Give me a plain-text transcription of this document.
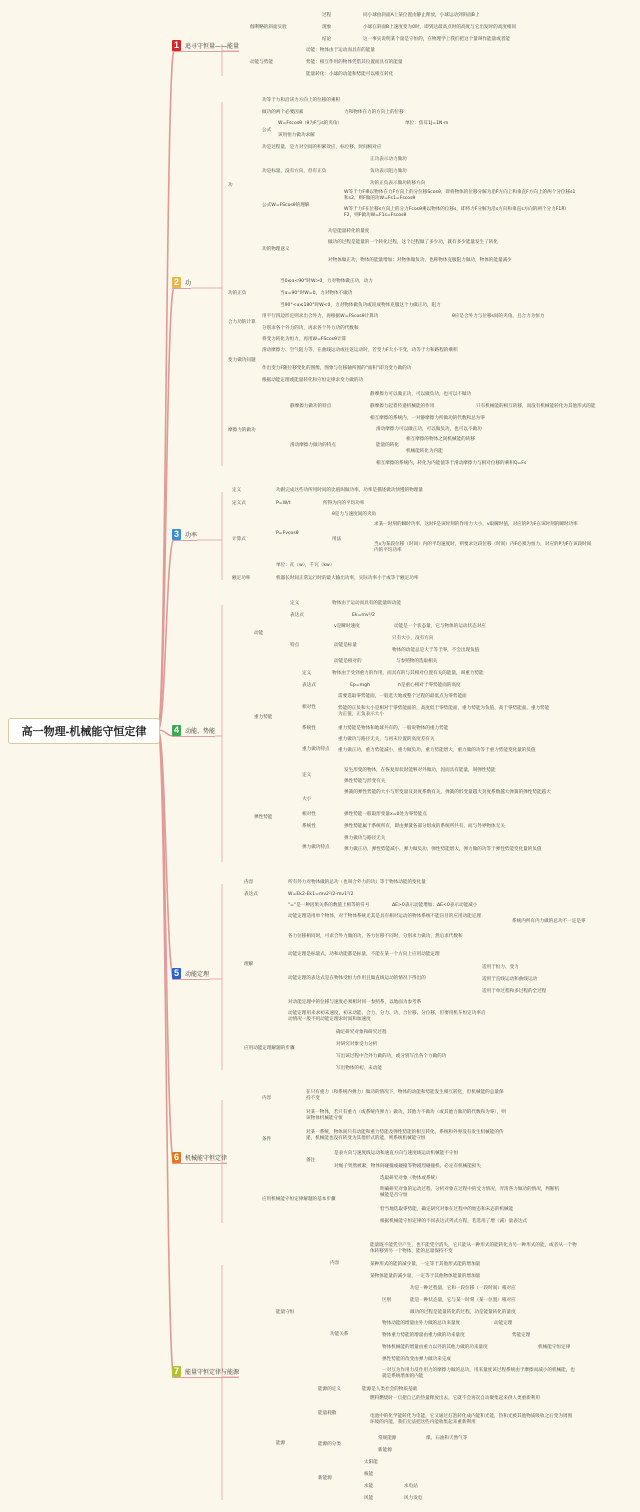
高一物理-机械能守恒定律
1	追寻守恒量——能量
2	功
3	功率
4	动能、势能
5	动能定理
6	机械能守恒定律
7	能量守恒定律与能源
伽利略的斜面实验
过程	同小球由斜面A上某位置由静止释放，小球运动到斜面B上
现象	小球在斜面B上速度变为0时，即到达最高点时的高度与它出发时的高度相同
结论	这一事实说明某个量是守恒的，在物理学上我们把这个量叫作能量或者能
动能与势能
动能：物体由于运动而具有的能量
势能：相互作用的物体凭借其位置而具有的能量
能量转化：小球的动能和势能可以相互转化
功
功等于力和沿该力方向上的位移的乘积
做功的两个必要因素	力和物体在力的方向上的位移
公式
W=Fscosθ（θ为F与s的夹角）	单位：焦耳1J=1N·m
该用恒力做功求解
功是过程量，是力对空间的积累效应，标位移、时间相对应
功是标量，没有方向，但有正负
正功表示动力做功
负功表示阻力做功
功的正负表示做功转移方向
公式W=FScosθ的理解
W等于力F乘以物体在力F方向上的分位移Scosθ，即将物体的位移分解为沿F方向上和垂直F方向上的两个分位移s1和s2，则F做的功W=Fs1=Fscosθ
W等于力F在位移s方向上的分力Fcosθ乘以物体的位移s，即将力F分解为沿s方向和垂直s方向的两个分力F1和F2，则F做功W=F1s=Fscosθ
功的物理意义
功是能量转化的量度
做功的过程是能量的一个转化过程，这个过程做了多少功，就有多少能量发生了转化
对物体做正功，物体的能量增加；对物体做负功，也称物体克服阻力做功，物体的能量减少
功的正负
当0≤α<90°时W>0，力对物体做正功，动力
当α=90°时W=0，力对物体不做功
当90°<α≤180°时W<0，力对物体做负功或说成物体克服这个力做正功，阻力
合力功的计算
用平行四边形定则求出合外力，再根据W=FScosθ计算功	θ应是合外力与位移s间的夹角，且合力为恒力
分别求各个外力的功，再求各个外力功的代数和
变力做功问题
将变力转化为恒力，再用W=FScosθ计算
滑动摩擦力、空气阻力等，在曲线运动或往返运动时，若变力F大小不变，功等于力和路程的乘积
作出变力F随位移变化的图像，图象与位移轴所围的"面积"即为变力做的功
根据动能定理或能量转化和守恒定律求变力做的功
摩擦力的做功
静摩擦力做功的特点
静摩擦力可以做正功，可以做负功，也可以不做功
静摩擦力起着传递机械能的作用	只有机械能的相互转移，而没有机械能转化为其他形式的能
相互摩擦的系统内，一对静摩擦力所做功的代数和总为零
滑动摩擦力做功的特点
滑动摩擦力可以做正功，可以做负功，也可以不做功
能量的转化
相互摩擦的物体之间机械能的转移
机械能转化为内能
相互摩擦的系统内，转化为内能值等于滑动摩擦力与相对位移的乘积Q=Fs
定义	功跟完成这些功所用时间的比值叫做功率，功率是描述做功快慢的物理量
定义式	P=W/t	所得为内的平均功率
计算式
P=Fvcosθ
θ是力与速度间的夹角
用法
求某一时刻的瞬时功率，这时F是该时刻的作用力大小，v取瞬时值，对应的P为F在该时刻的瞬时功率
当v为某段位移（时间）内的平均速度时，则要求这段位移（时间）内F必须为恒力，对应的P为F在该段时间内的平均功率
单位：瓦（w），千瓦（kw）
额定功率	机器长时间正常运行时的最大输出功率，实际功率小于或等于额定功率
动能
定义	物体由于运动而具有的能量叫动能
表达式	Ek=mv²/2
特点
v是瞬时速度	动能是一个状态量，它与物体的运动状态对应
动能是标量
只有大小，没有方向
物体的动能总是大于等于零，不会出现负值
动能是相对的	与参照物的选取相关
重力势能
定义	物体由于受到重力的作用，而具有的与其相对位置有关的能量，叫重力势能
表达式	Ep=mgh	h是重心相对于零势能面的高度
相对性
需要选取零势能面，一般选大地或整个过程的最低点为零势能面
势能的正负和大小是相对于零势能面的，高度低于零势能面，重力势能为负值，高于零势能面，重力势能为正值，正负表示大小
系统性	重力势能是物体和地球共有的，一般说物体的重力势能
重力做功特点
重力做功与路径无关，与初末位置的高度差有关
重力做正功，重力势能减小，重力做负功，重力势能增大，重力做的功等于重力势能变化量的负值
弹性势能
定义
发生形变的物体，在恢复原状时能够对外做功，因而具有能量，叫弹性势能
弹性势能与形变有关
大小
弹簧的弹性势能的大小与形变量及劲度系数有关，弹簧的形变量越大劲度系数越大弹簧的弹性势能越大
相对性	弹性势能一般取形变量x=0处为零势能点
系统性	弹性势能属于系统所有，即由弹簧各部分组成的系统所共有，而与外界物体无关
弹力做功特点
弹力做功与路径无关
弹力做正功，弹性势能减小，弹力做负功，弹性势能增大，弹力做的功等于弹性势能变化量的负值
内容	所有外力对物体做的总功（也叫合外力的功）等于物体动能的变化量
表达式	W=Ek2-Ek1=mv2²/2-mv1²/2
理解
"="是一种因果关系的数值上相等的符号	ΔE>0表示动能增加；ΔE<0表示动能减小
动能定理适用单个物体，对于物体系统尤其是具有相对运动的物体系统不能盲目的应用动能定理
系统内所有内力做的总功不一定是零
各力位移相同时，可求合外力做的功，各力位移不同时，分别求力做功，然后求代数和
动能定理是标量式，功和动能都是标量，不能在某一个方向上应用动能定理
动能定理的表达式是在物体受恒力作用且做直线运动的情况下得出的
适用于恒力、变力
适用于直线运动和曲线运动
适用于单过程和多过程的全过程
对动能定理中的位移与速度必须相对同一参照系，以地面为参考系
动能定理用来求初末速度、初末动能、合力、分力、功、合位移、分位移，但要用机车恒定功率启动情况一般不用动能定理求时间和加速度
应用动能定理解题的步骤
确定研究对象和研究过程
对研究对象受力分析
写出该过程中合外力做的功，或分别写出各个力做的功
写出物体的初、末动能
内容
在只有重力（和系统内弹力）做功的情况下，物体的动能和势能发生相互转化，但机械能的总量保持不变
条件
对某一物体，若只有重力（或系统内弹力）做功，其他力不做功（或其他力做功的代数和为零），则该物体机械能守恒
对某一系统，物体间只有动能和重力势能及弹性势能的相互转化，系统和外界没有发生机械能的传递，机械能也没有转变为其他形式的能，则系统机械能守恒
备注
是表方向与速度线运动和速直方向与速度线运动机械能不守恒
对绳子突然被紧，物体间碰撞或碰撞等物剧烈碰撞机，必定有机械能损失
应用机械能守恒定律解题的基本步骤
选取研究对象（物体或系统）
明确研究对象的运动过程，分析对象在过程中的受力情况，弄清各力做功的情况，判断机械能是否守恒
恰当地选取零势能，确定研究对象在过程中的始态和末态的机械能
根据机械能守恒定律的不同表达式列式方程，若选用了增（减）量表达式
能量守恒
内容
能量既不能凭空产生，也不能凭空消失，它只能从一种形式的能转化为另一种形式的能，或者从一个物体转移到另一个物体，能的总量保持不变
某种形式的能的减少量，一定等于其他形式能的增加量
某物体能量的减少量，一定等于其他物体能量的增加量
功能关系
区别
功是一种过程量，它和一段位移（一段时间）相对应
能是一种状态量，它与某一时刻（某一位置）相对应
做功的过程是能量转化的过程，功是能量转化的量度
物体动能的增量由外力做的总功来量度	动能定理
物体重力势能的增量由重力做的功来量度	势能定理
物体机械能的增量由重力以外的其他力做的功来量度	机械能守恒定律
弹性势能的改变由弹力做功来完成
一对互为作用力反作用力的摩擦力做的总功，用来量度该过程系统由于摩擦而减小的机械能，也就是系统增加的内能
能源
能源的定义	能源是人类社会的物质基础
能量耗散
燃料燃烧时一旦把自己的热量释放出去，它就不会再次自动聚集起来供人类重新利用
电池中的化学能转化为电能，它又通过灯泡转化成内能和光能，热和光被其他物质吸收之后变为周围环境的内能，我们无法把这些内能收集起来重新利用
能源的分类
常规能源	煤、石油和天然气等
新能源
新能源
太阳能
核能
水能	水电站
风能	风力发电
